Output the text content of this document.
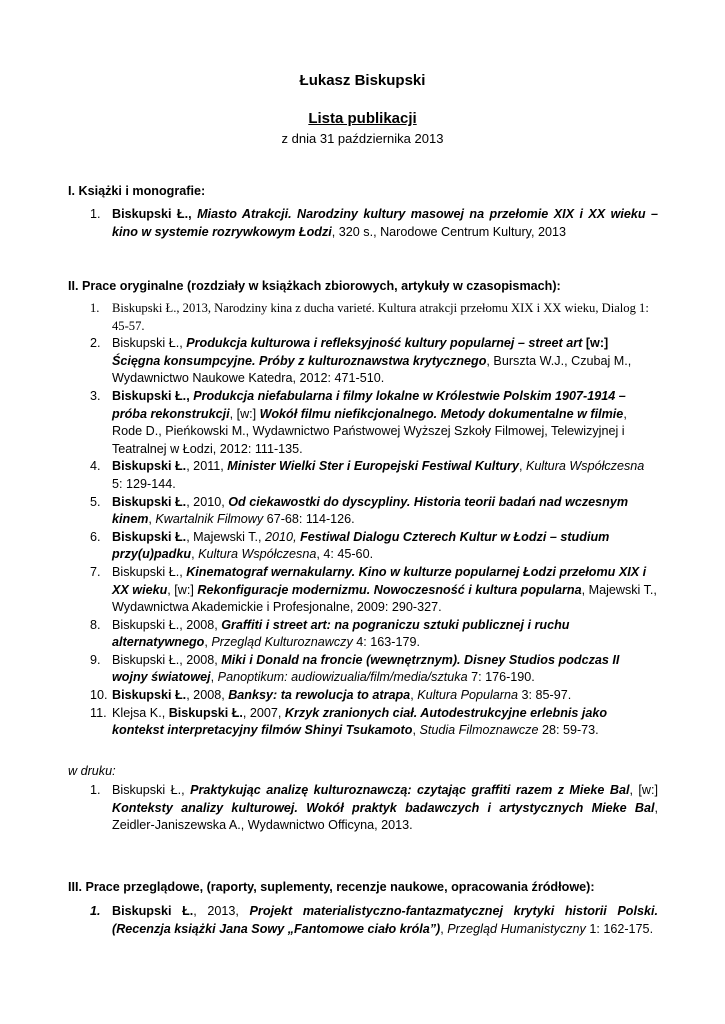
Łukasz Biskupski
Lista publikacji
z dnia 31 października 2013
I. Książki i monografie:
1. Biskupski Ł., Miasto Atrakcji. Narodziny kultury masowej na przełomie XIX i XX wieku – kino w systemie rozrywkowym Łodzi, 320 s., Narodowe Centrum Kultury, 2013
II. Prace oryginalne (rozdziały w książkach zbiorowych, artykuły w czasopismach):
1. Biskupski Ł., 2013, Narodziny kina z ducha varieté. Kultura atrakcji przełomu XIX i XX wieku, Dialog 1: 45-57.
2. Biskupski Ł., Produkcja kulturowa i refleksyjność kultury popularnej – street art [w:] Ścięgna konsumpcyjne. Próby z kulturoznawstwa krytycznego, Burszta W.J., Czubaj M., Wydawnictwo Naukowe Katedra, 2012: 471-510.
3. Biskupski Ł., Produkcja niefabularna i filmy lokalne w Królestwie Polskim 1907-1914 – próba rekonstrukcji, [w:] Wokół filmu niefikcjonalnego. Metody dokumentalne w filmie, Rode D., Pieńkowski M., Wydawnictwo Państwowej Wyższej Szkoły Filmowej, Telewizyjnej i Teatralnej w Łodzi, 2012: 111-135.
4. Biskupski Ł., 2011, Minister Wielki Ster i Europejski Festiwal Kultury, Kultura Współczesna 5: 129-144.
5. Biskupski Ł., 2010, Od ciekawostki do dyscypliny. Historia teorii badań nad wczesnym kinem, Kwartalnik Filmowy 67-68: 114-126.
6. Biskupski Ł., Majewski T., 2010, Festiwal Dialogu Czterech Kultur w Łodzi – studium przy(u)padku, Kultura Współczesna, 4: 45-60.
7. Biskupski Ł., Kinematograf wernakularny. Kino w kulturze popularnej Łodzi przełomu XIX i XX wieku, [w:] Rekonfiguracje modernizmu. Nowoczesność i kultura popularna, Majewski T., Wydawnictwa Akademickie i Profesjonalne, 2009: 290-327.
8. Biskupski Ł., 2008, Graffiti i street art: na pograniczu sztuki publicznej i ruchu alternatywnego, Przegląd Kulturoznawczy 4: 163-179.
9. Biskupski Ł., 2008, Miki i Donald na froncie (wewnętrznym). Disney Studios podczas II wojny światowej, Panoptikum: audiowizualia/film/media/sztuka 7: 176-190.
10. Biskupski Ł., 2008, Banksy: ta rewolucja to atrapa, Kultura Popularna 3: 85-97.
11. Klejsa K., Biskupski Ł., 2007, Krzyk zranionych ciał. Autodestrukcyjne erlebnis jako kontekst interpretacyjny filmów Shinyi Tsukamoto, Studia Filmoznawcze 28: 59-73.
w druku:
1. Biskupski Ł., Praktykując analizę kulturoznawczą: czytając graffiti razem z Mieke Bal, [w:] Konteksty analizy kulturowej. Wokół praktyk badawczych i artystycznych Mieke Bal, Zeidler-Janiszewska A., Wydawnictwo Officyna, 2013.
III. Prace przeglądowe, (raporty, suplementy, recenzje naukowe, opracowania źródłowe):
1. Biskupski Ł., 2013, Projekt materialistyczno-fantazmatycznej krytyki historii Polski. (Recenzja książki Jana Sowy „Fantomowe ciało króla”), Przegląd Humanistyczny 1: 162-175.
